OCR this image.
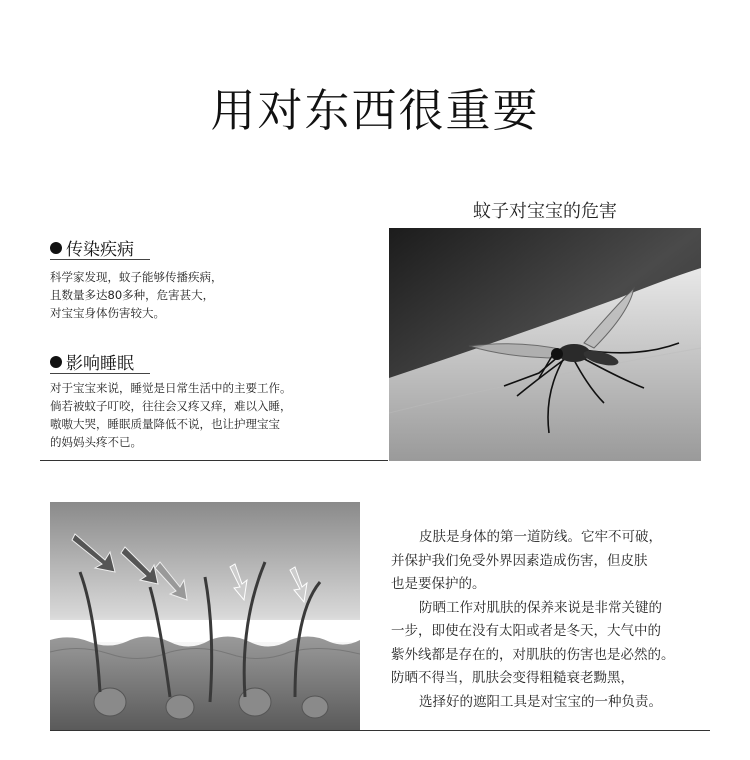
用对东西很重要
蚊子对宝宝的危害
传染疾病
科学家发现，蚊子能够传播疾病，
且数量多达80多种，危害甚大，
对宝宝身体伤害较大。
影响睡眠
对于宝宝来说，睡觉是日常生活中的主要工作。
倘若被蚊子叮咬，往往会又疼又痒，难以入睡，
嗷嗷大哭，睡眠质量降低不说，也让护理宝宝
的妈妈头疼不已。
皮肤是身体的第一道防线。它牢不可破，
并保护我们免受外界因素造成伤害，但皮肤
也是要保护的。
防晒工作对肌肤的保养来说是非常关键的
一步，即使在没有太阳或者是冬天，大气中的
紫外线都是存在的，对肌肤的伤害也是必然的。
防晒不得当，肌肤会变得粗糙衰老黝黑，
选择好的遮阳工具是对宝宝的一种负责。
